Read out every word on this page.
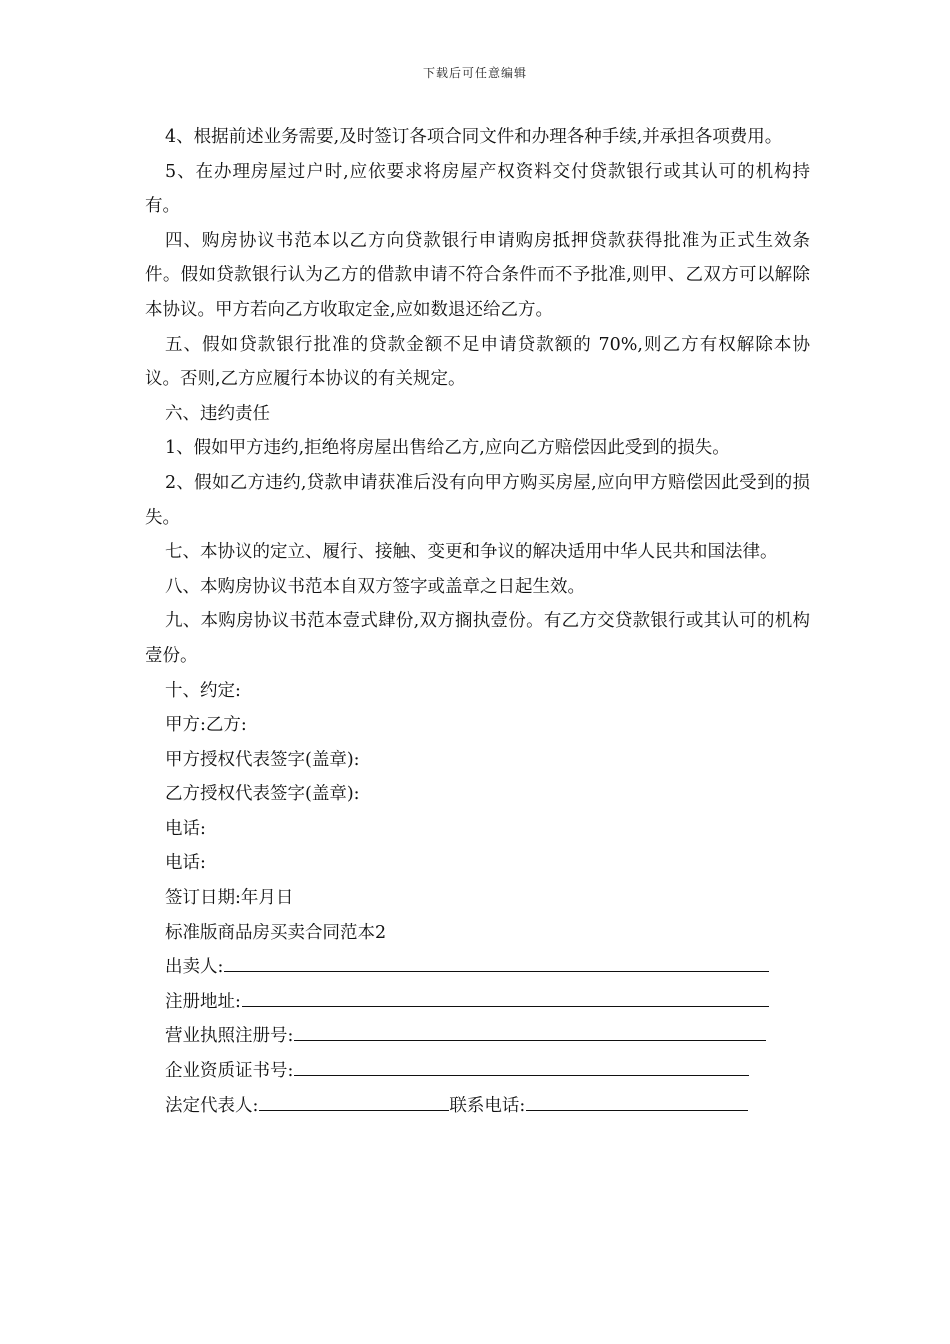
下载后可任意编辑

4、根据前述业务需要,及时签订各项合同文件和办理各种手续,并承担各项费用。

5、在办理房屋过户时,应依要求将房屋产权资料交付贷款银行或其认可的机构持有。

四、购房协议书范本以乙方向贷款银行申请购房抵押贷款获得批准为正式生效条件。假如贷款银行认为乙方的借款申请不符合条件而不予批准,则甲、乙双方可以解除本协议。甲方若向乙方收取定金,应如数退还给乙方。

五、假如贷款银行批准的贷款金额不足申请贷款额的 70%,则乙方有权解除本协议。否则,乙方应履行本协议的有关规定。

六、违约责任

1、假如甲方违约,拒绝将房屋出售给乙方,应向乙方赔偿因此受到的损失。

2、假如乙方违约,贷款申请获准后没有向甲方购买房屋,应向甲方赔偿因此受到的损失。

七、本协议的定立、履行、接触、变更和争议的解决适用中华人民共和国法律。

八、本购房协议书范本自双方签字或盖章之日起生效。

九、本购房协议书范本壹式肆份,双方搁执壹份。有乙方交贷款银行或其认可的机构壹份。

十、约定:

甲方:乙方:

甲方授权代表签字(盖章):

乙方授权代表签字(盖章):

电话:

电话:

签订日期:年月日

标准版商品房买卖合同范本2

出卖人:

注册地址:

营业执照注册号:

企业资质证书号:

法定代表人:	联系电话:
